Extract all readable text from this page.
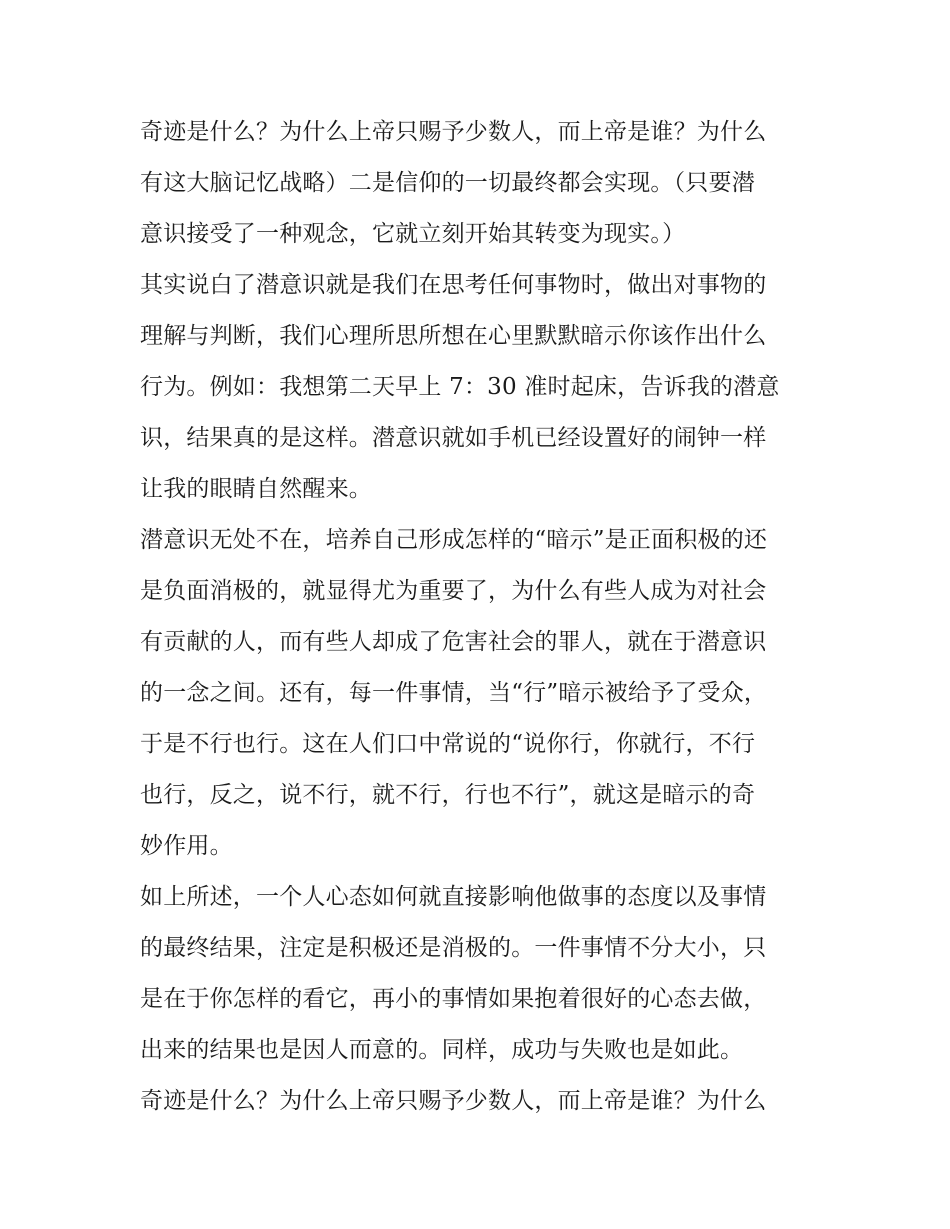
奇迹是什么？为什么上帝只赐予少数人，而上帝是谁？为什么
有这大脑记忆战略）二是信仰的一切最终都会实现。（只要潜
意识接受了一种观念，它就立刻开始其转变为现实。）
其实说白了潜意识就是我们在思考任何事物时，做出对事物的
理解与判断，我们心理所思所想在心里默默暗示你该作出什么
行为。例如：我想第二天早上 7：30 准时起床，告诉我的潜意
识，结果真的是这样。潜意识就如手机已经设置好的闹钟一样
让我的眼睛自然醒来。
潜意识无处不在，培养自己形成怎样的“暗示”是正面积极的还
是负面消极的，就显得尤为重要了，为什么有些人成为对社会
有贡献的人，而有些人却成了危害社会的罪人，就在于潜意识
的一念之间。还有，每一件事情，当“行”暗示被给予了受众，
于是不行也行。这在人们口中常说的“说你行，你就行，不行
也行，反之，说不行，就不行，行也不行”，就这是暗示的奇
妙作用。
如上所述，一个人心态如何就直接影响他做事的态度以及事情
的最终结果，注定是积极还是消极的。一件事情不分大小，只
是在于你怎样的看它，再小的事情如果抱着很好的心态去做，
出来的结果也是因人而意的。同样，成功与失败也是如此。
奇迹是什么？为什么上帝只赐予少数人，而上帝是谁？为什么
